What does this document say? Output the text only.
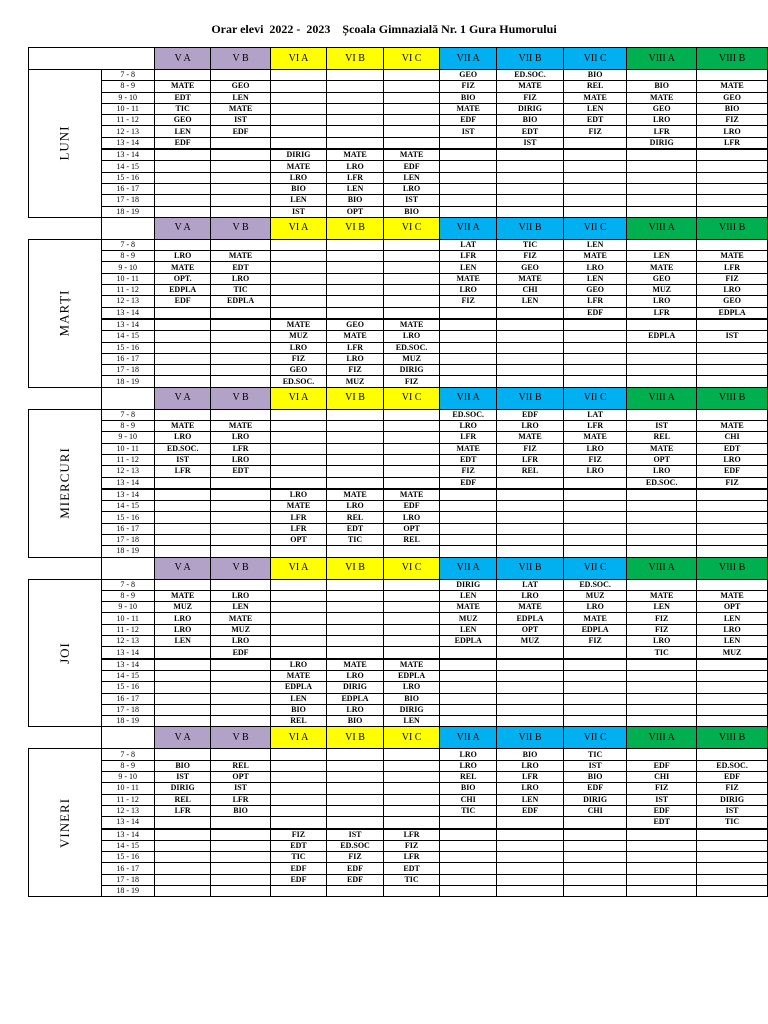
Orar elevi  2022 -  2023    Școala Gimnazială Nr. 1 Gura Humorului
		V A	V B	VI A	VI B	VI C	VII A	VII B	VII C	VIII A	VIII B
LUNI	7 - 8						GEO	ED.SOC.	BIO		
	8 - 9	MATE	GEO				FIZ	MATE	REL	BIO	MATE
	9 - 10	EDT	LEN				BIO	FIZ	MATE	MATE	GEO
	10 - 11	TIC	MATE				MATE	DIRIG	LEN	GEO	BIO
	11 - 12	GEO	IST				EDF	BIO	EDT	LRO	FIZ
	12 - 13	LEN	EDF				IST	EDT	FIZ	LFR	LRO
	13 - 14	EDF						IST		DIRIG	LFR
	13 - 14			DIRIG	MATE	MATE					
	14 - 15			MATE	LRO	EDF					
	15 - 16			LRO	LFR	LEN					
	16 - 17			BIO	LEN	LRO					
	17 - 18			LEN	BIO	IST					
	18 - 19			IST	OPT	BIO					
		V A	V B	VI A	VI B	VI C	VII A	VII B	VII C	VIII A	VIII B
MARȚI	7 - 8						LAT	TIC	LEN		
	8 - 9	LRO	MATE				LFR	FIZ	MATE	LEN	MATE
	9 - 10	MATE	EDT				LEN	GEO	LRO	MATE	LFR
	10 - 11	OPT.	LRO				MATE	MATE	LEN	GEO	FIZ
	11 - 12	EDPLA	TIC				LRO	CHI	GEO	MUZ	LRO
	12 - 13	EDF	EDPLA				FIZ	LEN	LFR	LRO	GEO
	13 - 14								EDF	LFR	EDPLA
	13 - 14			MATE	GEO	MATE					
	14 - 15			MUZ	MATE	LRO				EDPLA	IST
	15 - 16			LRO	LFR	ED.SOC.					
	16 - 17			FIZ	LRO	MUZ					
	17 - 18			GEO	FIZ	DIRIG					
	18 - 19			ED.SOC.	MUZ	FIZ					
		V A	V B	VI A	VI B	VI C	VII A	VII B	VII C	VIII A	VIII B
MIERCURI	7 - 8						ED.SOC.	EDF	LAT		
	8 - 9	MATE	MATE				LRO	LRO	LFR	IST	MATE
	9 - 10	LRO	LRO				LFR	MATE	MATE	REL	CHI
	10 - 11	ED.SOC.	LFR				MATE	FIZ	LRO	MATE	EDT
	11 - 12	IST	LRO				EDT	LFR	FIZ	OPT	LRO
	12 - 13	LFR	EDT				FIZ	REL	LRO	LRO	EDF
	13 - 14						EDF			ED.SOC.	FIZ
	13 - 14			LRO	MATE	MATE					
	14 - 15			MATE	LRO	EDF					
	15 - 16			LFR	REL	LRO					
	16 - 17			LFR	EDT	OPT					
	17 - 18			OPT	TIC	REL					
	18 - 19										
		V A	V B	VI A	VI B	VI C	VII A	VII B	VII C	VIII A	VIII B
JOI	7 - 8						DIRIG	LAT	ED.SOC.		
	8 - 9	MATE	LRO				LEN	LRO	MUZ	MATE	MATE
	9 - 10	MUZ	LEN				MATE	MATE	LRO	LEN	OPT
	10 - 11	LRO	MATE				MUZ	EDPLA	MATE	FIZ	LEN
	11 - 12	LRO	MUZ				LEN	OPT	EDPLA	FIZ	LRO
	12 - 13	LEN	LRO				EDPLA	MUZ	FIZ	LRO	LEN
	13 - 14		EDF							TIC	MUZ
	13 - 14			LRO	MATE	MATE					
	14 - 15			MATE	LRO	EDPLA					
	15 - 16			EDPLA	DIRIG	LRO					
	16 - 17			LEN	EDPLA	BIO					
	17 - 18			BIO	LRO	DIRIG					
	18 - 19			REL	BIO	LEN					
		V A	V B	VI A	VI B	VI C	VII A	VII B	VII C	VIII A	VIII B
VINERI	7 - 8						LRO	BIO	TIC		
	8 - 9	BIO	REL				LRO	LRO	IST	EDF	ED.SOC.
	9 - 10	IST	OPT				REL	LFR	BIO	CHI	EDF
	10 - 11	DIRIG	IST				BIO	LRO	EDF	FIZ	FIZ
	11 - 12	REL	LFR				CHI	LEN	DIRIG	IST	DIRIG
	12 - 13	LFR	BIO				TIC	EDF	CHI	EDF	IST
	13 - 14									EDT	TIC
	13 - 14			FIZ	IST	LFR					
	14 - 15			EDT	ED.SOC	FIZ					
	15 - 16			TIC	FIZ	LFR					
	16 - 17			EDF	EDF	EDT					
	17 - 18			EDF	EDF	TIC					
	18 - 19										
